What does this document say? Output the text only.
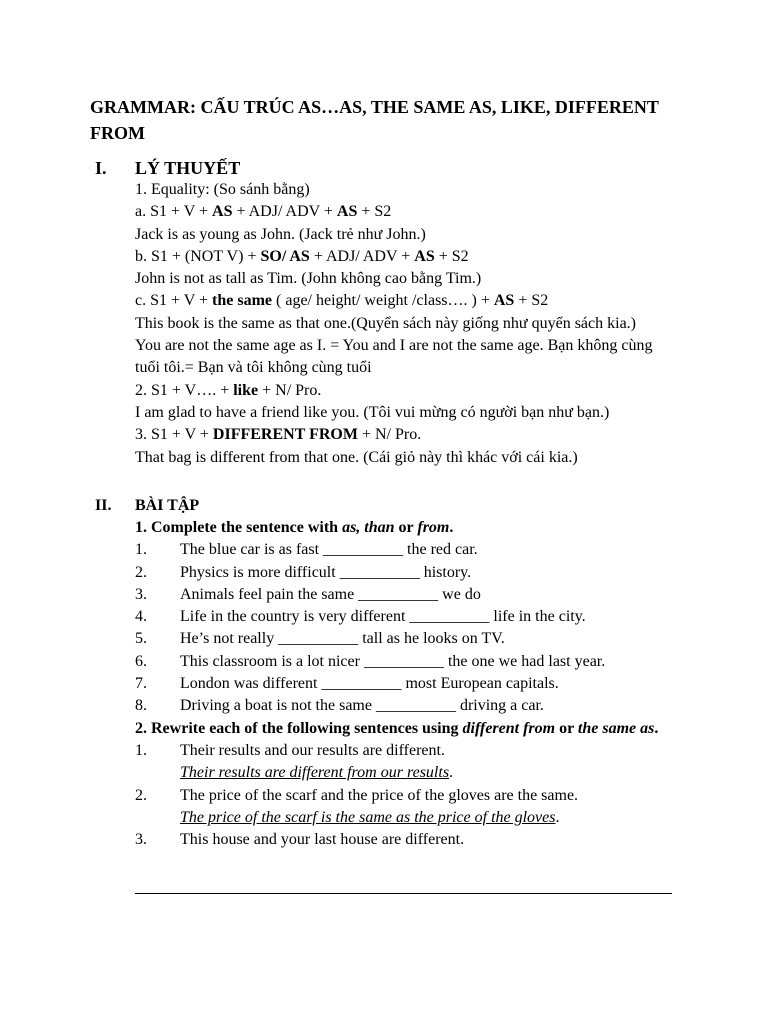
GRAMMAR: CẤU TRÚC AS…AS, THE SAME AS, LIKE, DIFFERENT FROM
I.	LÝ THUYẾT
1. Equality: (So sánh bằng)
a. S1 + V + AS + ADJ/ ADV + AS + S2
Jack is as young as John. (Jack trẻ như John.)
b. S1 + (NOT V) + SO/ AS + ADJ/ ADV + AS + S2
John is not as tall as Tim. (John không cao bằng Tim.)
c. S1 + V + the same ( age/ height/ weight /class…. ) + AS + S2
This book is the same as that one.(Quyển sách này giống như quyển sách kia.)
You are not the same age as I. = You and I are not the same age. Bạn không cùng tuổi tôi.= Bạn và tôi không cùng tuổi
2. S1 + V…. + like + N/ Pro.
I am glad to have a friend like you. (Tôi vui mừng có người bạn như bạn.)
3. S1 + V + DIFFERENT FROM + N/ Pro.
That bag is different from that one. (Cái giỏ này thì khác với cái kia.)
II.	BÀI TẬP
1. Complete the sentence with as, than or from.
1.	The blue car is as fast __________ the red car.
2.	Physics is more difficult __________ history.
3.	Animals feel pain the same __________ we do
4.	Life in the country is very different __________ life in the city.
5.	He’s not really __________ tall as he looks on TV.
6.	This classroom is a lot nicer __________ the one we had last year.
7.	London was different __________ most European capitals.
8.	Driving a boat is not the same __________ driving a car.
2. Rewrite each of the following sentences using different from or the same as.
1.	Their results and our results are different.
Their results are different from our results.
2.	The price of the scarf and the price of the gloves are the same.
The price of the scarf is the same as the price of the gloves.
3.	This house and your last house are different.
